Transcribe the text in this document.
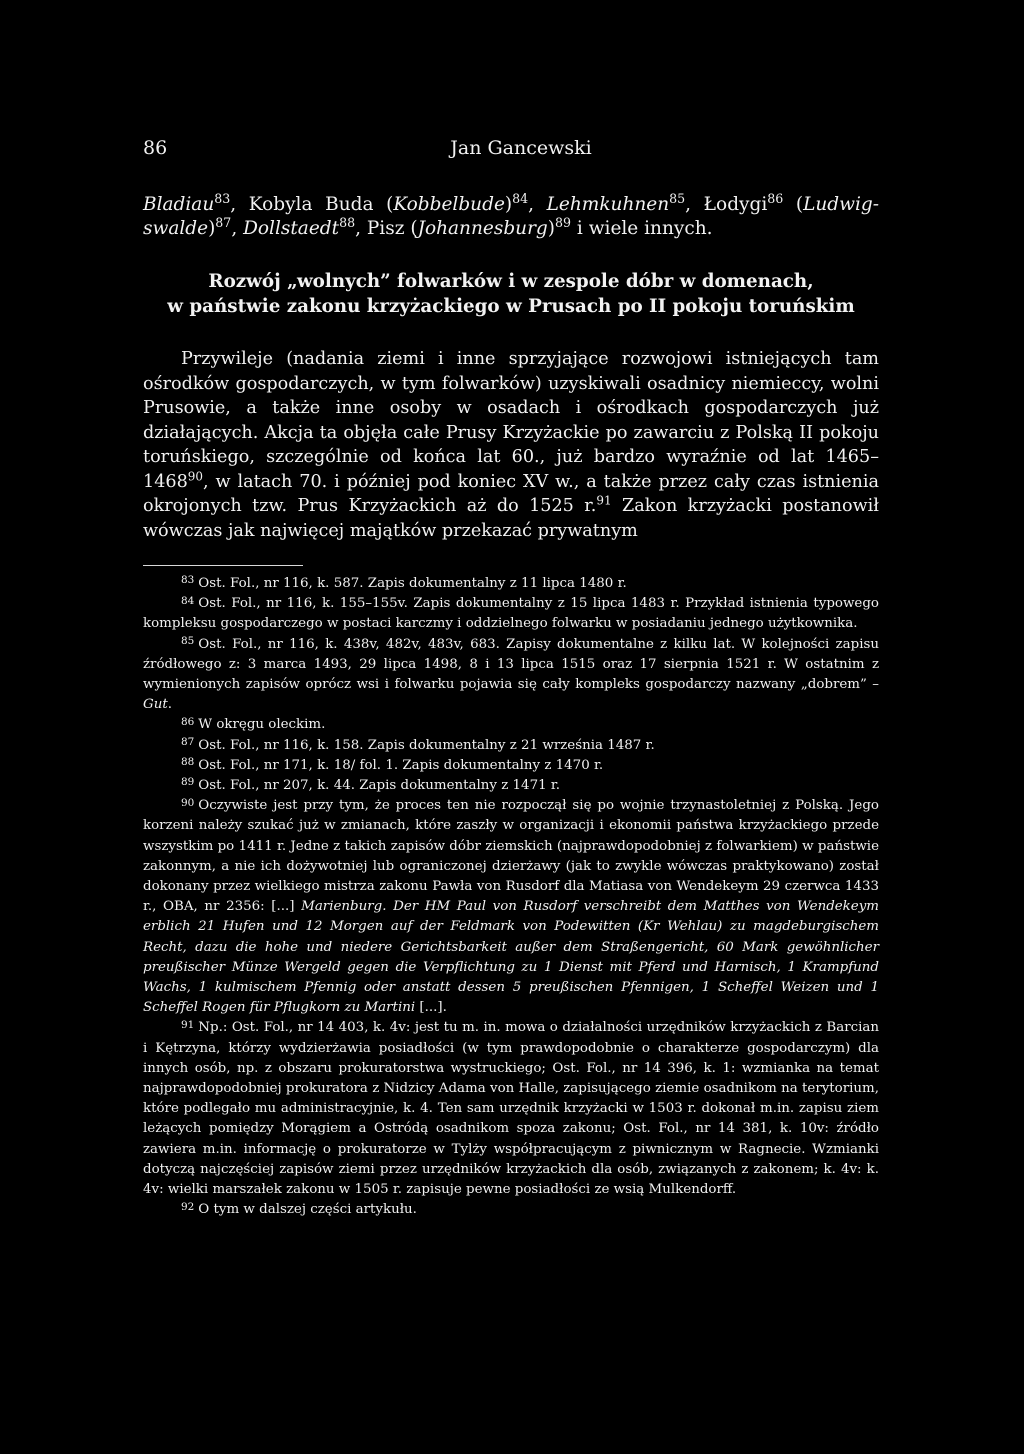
86	Jan Gancewski
Bladiau$^{83}$, Kobyla Buda (Kobbelbude)$^{84}$, Lehmkuhnen$^{85}$, Łodygi$^{86}$ (Ludwig-swalde)$^{87}$, Dollstaedt$^{88}$, Pisz (Johannesburg)$^{89}$ i wiele innych.
Rozwój „wolnych” folwarków i w zespole dóbr w domenach,
w państwie zakonu krzyżackiego w Prusach po II pokoju toruńskim

Przywileje (nadania ziemi i inne sprzyjające rozwojowi istniejących tam ośrodków gospodarczych, w tym folwarków) uzyskiwali osadnicy niemieccy, wolni Prusowie, a także inne osoby w osadach i ośrodkach gospodarczych już działających. Akcja ta objęła całe Prusy Krzyżackie po zawarciu z Polską II pokoju toruńskiego, szczególnie od końca lat 60., już bardzo wyraźnie od lat 1465–1468$^{90}$, w latach 70. i później pod koniec XV w., a także przez cały czas istnienia okrojonych tzw. Prus Krzyżackich aż do 1525 r.$^{91}$ Zakon krzyżacki postanowił wówczas jak najwięcej majątków przekazać prywatnym

$^{83}$ Ost. Fol., nr 116, k. 587. Zapis dokumentalny z 11 lipca 1480 r.

$^{84}$ Ost. Fol., nr 116, k. 155–155v. Zapis dokumentalny z 15 lipca 1483 r. Przykład istnienia typowego kompleksu gospodarczego w postaci karczmy i oddzielnego folwarku w posiadaniu jednego użytkownika.

$^{85}$ Ost. Fol., nr 116, k. 438v, 482v, 483v, 683. Zapisy dokumentalne z kilku lat. W kolejności zapisu źródłowego z: 3 marca 1493, 29 lipca 1498, 8 i 13 lipca 1515 oraz 17 sierpnia 1521 r. W ostatnim z wymienionych zapisów oprócz wsi i folwarku pojawia się cały kompleks gospodarczy nazwany „dobrem” – Gut.

$^{86}$ W okręgu oleckim.

$^{87}$ Ost. Fol., nr 116, k. 158. Zapis dokumentalny z 21 września 1487 r.

$^{88}$ Ost. Fol., nr 171, k. 18/ fol. 1. Zapis dokumentalny z 1470 r.

$^{89}$ Ost. Fol., nr 207, k. 44. Zapis dokumentalny z 1471 r.

$^{90}$ Oczywiste jest przy tym, że proces ten nie rozpoczął się po wojnie trzynastoletniej z Polską. Jego korzeni należy szukać już w zmianach, które zaszły w organizacji i ekonomii państwa krzyżackiego przede wszystkim po 1411 r. Jedne z takich zapisów dóbr ziemskich (najprawdopodobniej z folwarkiem) w państwie zakonnym, a nie ich dożywotniej lub ograniczonej dzierżawy (jak to zwykle wówczas praktykowano) został dokonany przez wielkiego mistrza zakonu Pawła von Rusdorf dla Matiasa von Wendekeym 29 czerwca 1433 r., OBA, nr 2356: [...] Marienburg. Der HM Paul von Rusdorf verschreibt dem Matthes von Wendekeym erblich 21 Hufen und 12 Morgen auf der Feldmark von Podewitten (Kr Wehlau) zu magdeburgischem Recht, dazu die hohe und niedere Gerichtsbarkeit außer dem Straßengericht, 60 Mark gewöhnlicher preußischer Münze Wergeld gegen die Verpflichtung zu 1 Dienst mit Pferd und Harnisch, 1 Krampfund Wachs, 1 kulmischem Pfennig oder anstatt dessen 5 preußischen Pfennigen, 1 Scheffel Weizen und 1 Scheffel Rogen für Pflugkorn zu Martini [...].

$^{91}$ Np.: Ost. Fol., nr 14 403, k. 4v: jest tu m. in. mowa o działalności urzędników krzyżackich z Barcian i Kętrzyna, którzy wydzierżawia posiadłości (w tym prawdopodobnie o charakterze gospodarczym) dla innych osób, np. z obszaru prokuratorstwa wystruckiego; Ost. Fol., nr 14 396, k. 1: wzmianka na temat najprawdopodobniej prokuratora z Nidzicy Adama von Halle, zapisującego ziemie osadnikom na terytorium, które podlegało mu administracyjnie, k. 4. Ten sam urzędnik krzyżacki w 1503 r. dokonał m.in. zapisu ziem leżących pomiędzy Morągiem a Ostródą osadnikom spoza zakonu; Ost. Fol., nr 14 381, k. 10v: źródło zawiera m.in. informację o prokuratorze w Tylży współpracującym z piwnicznym w Ragnecie. Wzmianki dotyczą najczęściej zapisów ziemi przez urzędników krzyżackich dla osób, związanych z zakonem; k. 4v: k. 4v: wielki marszałek zakonu w 1505 r. zapisuje pewne posiadłości ze wsią Mulkendorff.

$^{92}$ O tym w dalszej części artykułu.
